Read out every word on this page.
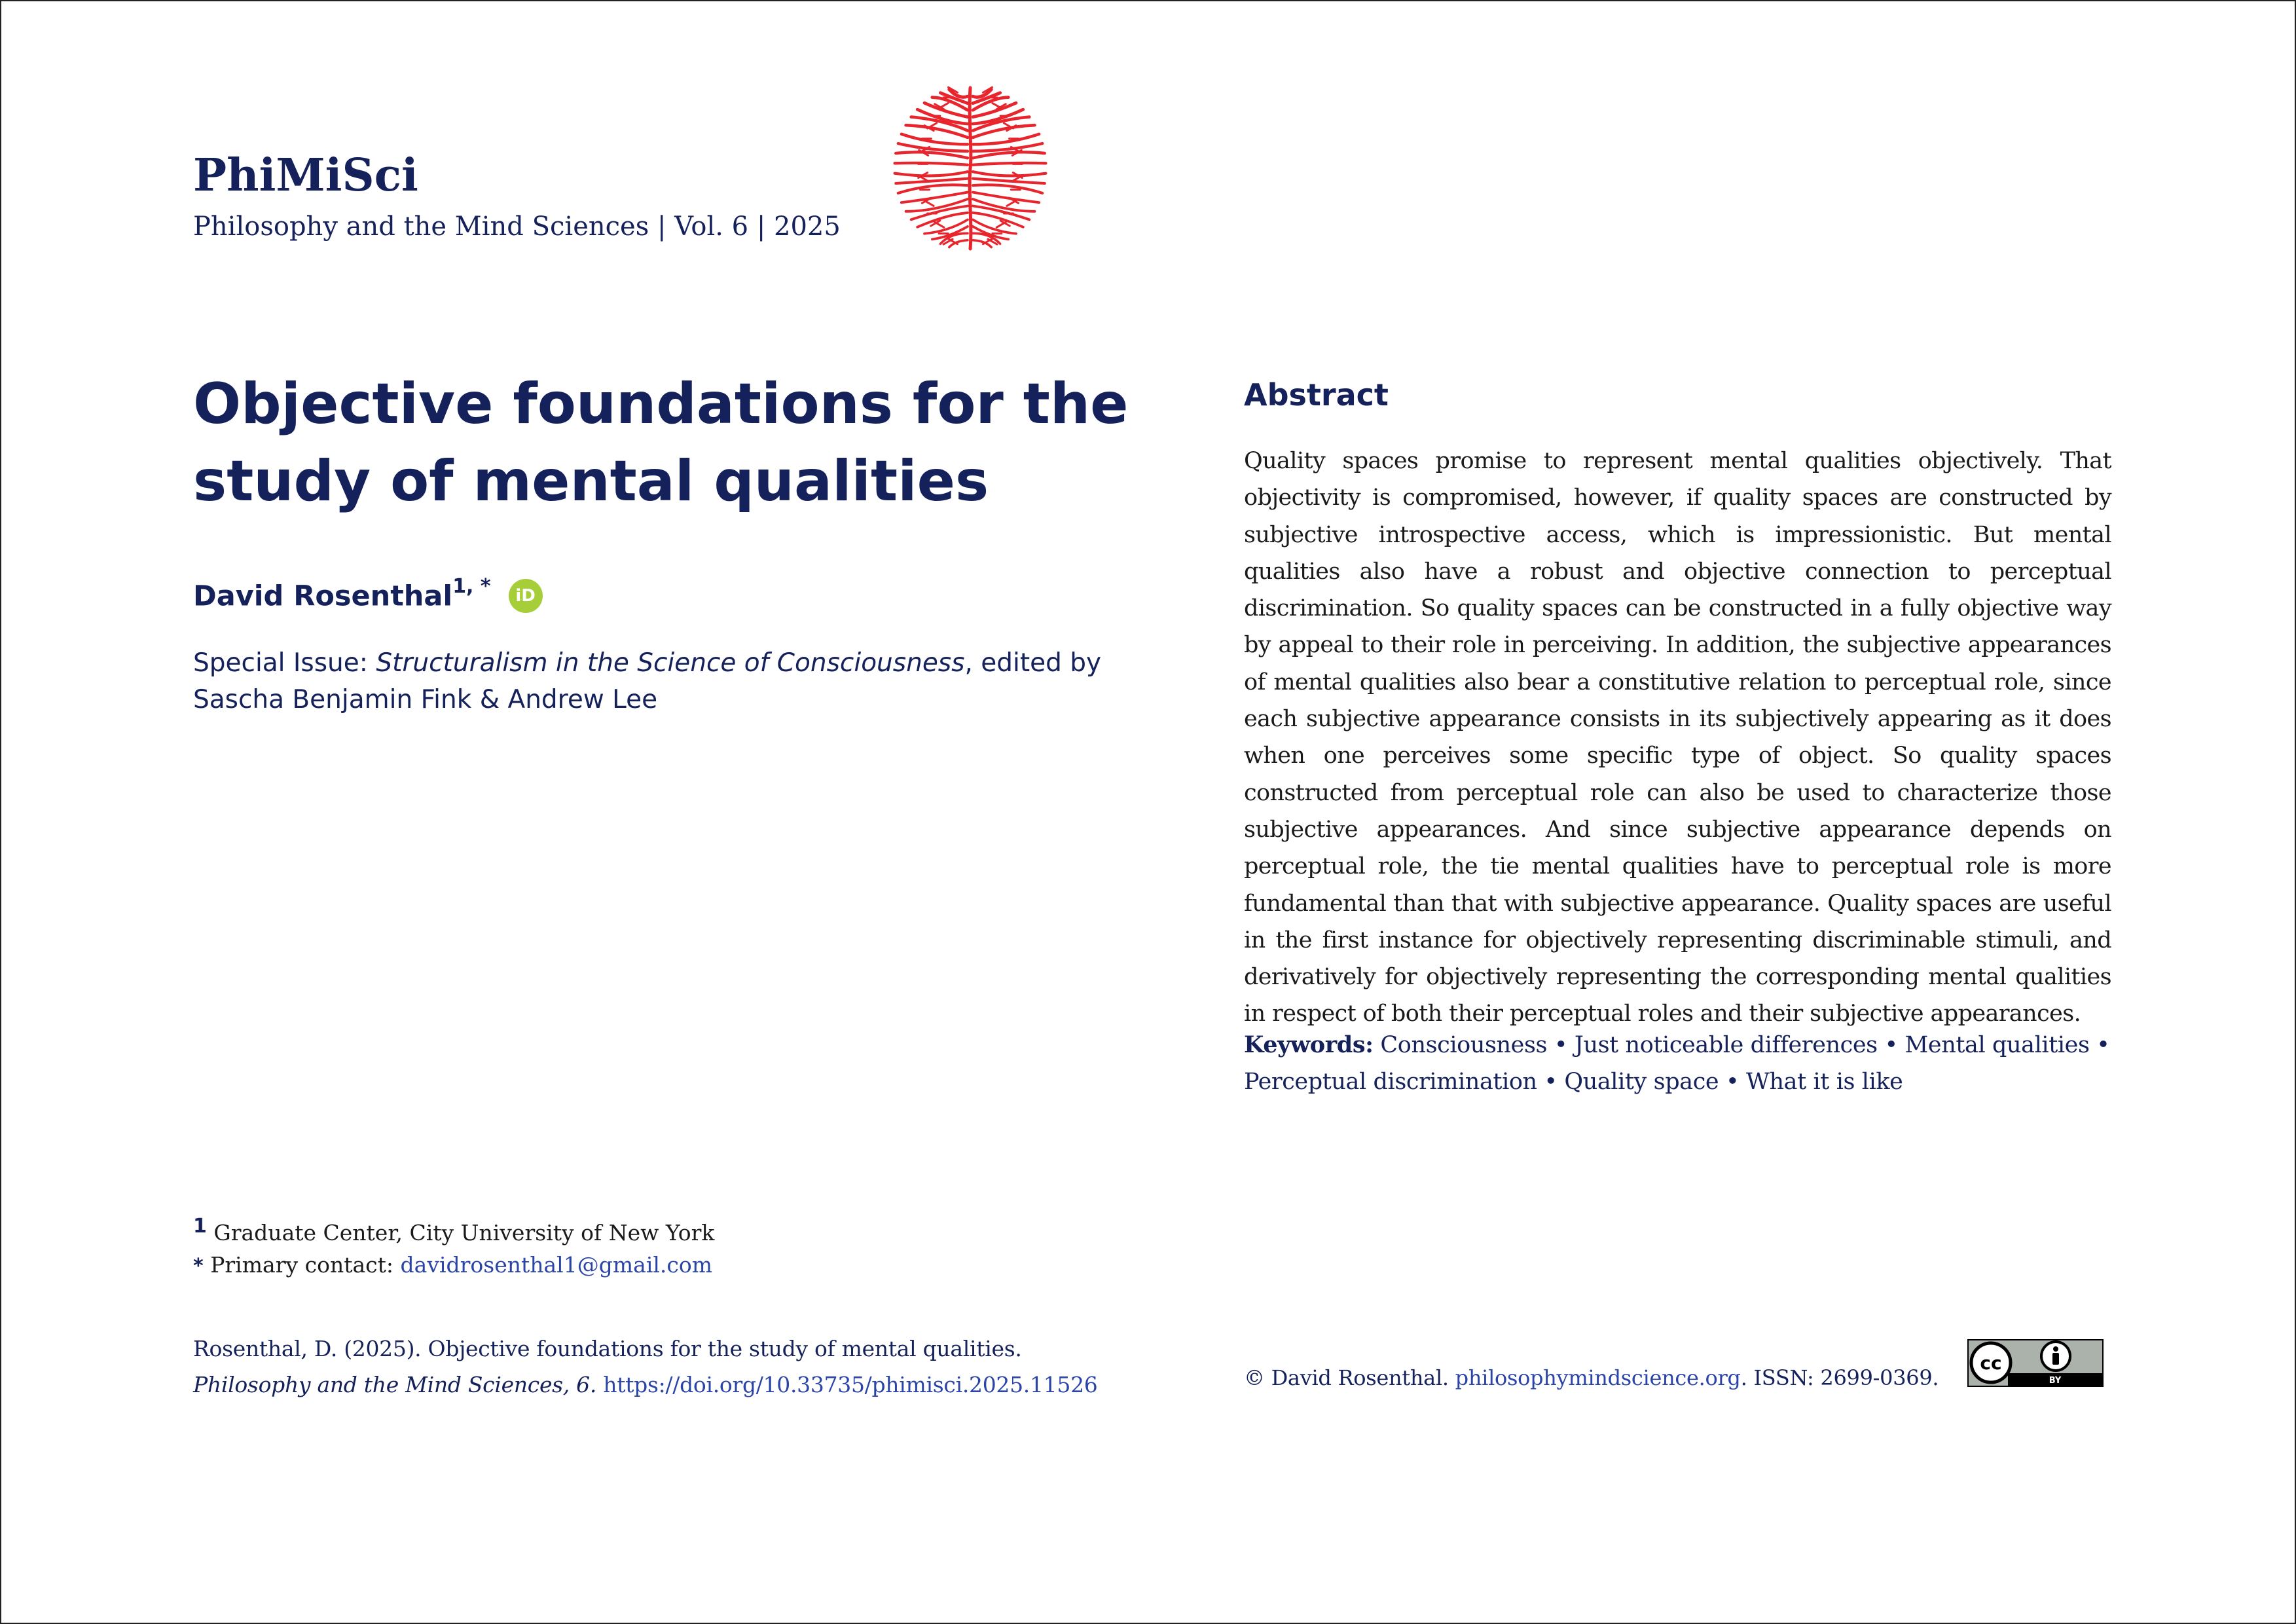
PhiMiSci
Philosophy and the Mind Sciences | Vol. 6 | 2025
Objective foundations for the
study of mental qualities
David Rosenthal$^{1, *}$ iD
Special Issue: Structuralism in the Science of Consciousness, edited by Sascha Benjamin Fink & Andrew Lee
Abstract
Quality spaces promise to represent mental qualities objectively. That objectivity is compromised, however, if quality spaces are constructed by subjective introspective access, which is impressionistic. But mental qualities also have a robust and objective connection to perceptual discrimination. So quality spaces can be constructed in a fully objective way by appeal to their role in perceiving. In addition, the subjective appearances of mental qualities also bear a constitutive relation to perceptual role, since each subjective appearance consists in its subjectively appearing as it does when one perceives some specific type of object. So quality spaces constructed from perceptual role can also be used to characterize those subjective appearances. And since subjective appearance depends on perceptual role, the tie mental qualities have to perceptual role is more fundamental than that with subjective appearance. Quality spaces are useful in the first instance for objectively representing discriminable stimuli, and derivatively for objectively representing the corresponding mental qualities in respect of both their perceptual roles and their subjective appearances.
Keywords: Consciousness • Just noticeable differences • Mental qualities • Perceptual discrimination • Quality space • What it is like
$^1$ Graduate Center, City University of New York
* Primary contact: davidrosenthal1@gmail.com
Rosenthal, D. (2025). Objective foundations for the study of mental qualities.
Philosophy and the Mind Sciences, 6. https://doi.org/10.33735/phimisci.2025.11526	© David Rosenthal. philosophymindscience.org. ISSN: 2699-0369.	BY
cc
